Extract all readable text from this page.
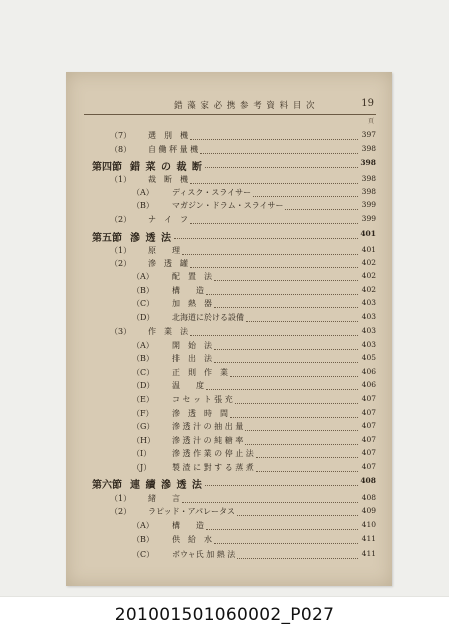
錯 藻 家 必 携 参 考 資 料 目 次	19
頁
（7） 選　別　機	397
（8） 自 働 秤 量 機	398
第四節 錯 菜 の 裁 断	398
（1） 裁　断　機	398
（A） ディスク・スライサー	398
（B） マガジン・ドラム・スライサー	399
（2） ナ　イ　フ	399
第五節 滲 透 法	401
（1） 原　　理	401
（2） 滲　透　罐	402
（A） 配　置　法	402
（B） 構　　造	402
（C） 加　熱　器	403
（D） 北海道に於ける設備	403
（3） 作　業　法	403
（A） 開　始　法	403
（B） 排　出　法	405
（C） 正　則　作　業	406
（D） 温　　度	406
（E） コ セ ッ ト 張 充	407
（F） 滲　透　時　間	407
（G） 滲 透 汁 の 抽 出 量	407
（H） 滲 透 汁 の 純 糖 率	407
（I）	滲 透 作 業 の 停 止 法	407
（J）	製 渣 に 對 す る 蒸 煮	407
第六節 連 續 滲 透 法	408
（1） 緒　　言	408
（2） ラピッド・アパレータス	409
（A） 構　　造	410
（B） 供　給　水	411
（C） ボウャ氏 加 熱 法	411
201001501060002_P027
